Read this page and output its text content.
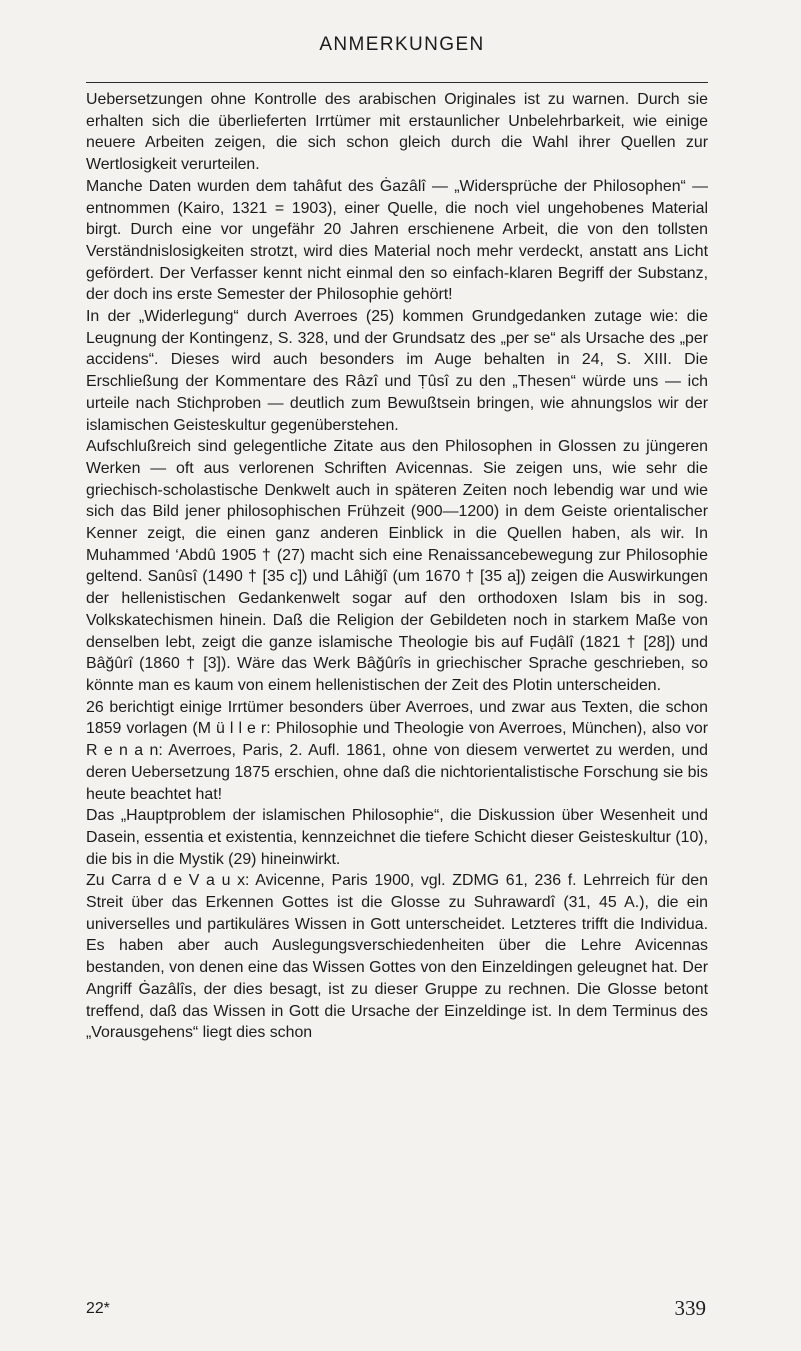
ANMERKUNGEN

Uebersetzungen ohne Kontrolle des arabischen Originales ist zu warnen. Durch sie erhalten sich die überlieferten Irrtümer mit erstaunlicher Unbelehrbarkeit, wie einige neuere Arbeiten zeigen, die sich schon gleich durch die Wahl ihrer Quellen zur Wertlosigkeit verurteilen.

Manche Daten wurden dem tahâfut des Ġazâlî — „Widersprüche der Philosophen“ — entnommen (Kairo, 1321 = 1903), einer Quelle, die noch viel ungehobenes Material birgt. Durch eine vor ungefähr 20 Jahren erschienene Arbeit, die von den tollsten Verständnislosigkeiten strotzt, wird dies Material noch mehr verdeckt, anstatt ans Licht gefördert. Der Verfasser kennt nicht einmal den so einfach-klaren Begriff der Substanz, der doch ins erste Semester der Philosophie gehört!

In der „Widerlegung“ durch Averroes (25) kommen Grundgedanken zutage wie: die Leugnung der Kontingenz, S. 328, und der Grundsatz des „per se“ als Ursache des „per accidens“. Dieses wird auch besonders im Auge behalten in 24, S. XIII. Die Erschließung der Kommentare des Râzî und Ṭûsî zu den „Thesen“ würde uns — ich urteile nach Stichproben — deutlich zum Bewußtsein bringen, wie ahnungslos wir der islamischen Geisteskultur gegenüberstehen.

Aufschlußreich sind gelegentliche Zitate aus den Philosophen in Glossen zu jüngeren Werken — oft aus verlorenen Schriften Avicennas. Sie zeigen uns, wie sehr die griechisch-scholastische Denkwelt auch in späteren Zeiten noch lebendig war und wie sich das Bild jener philosophischen Frühzeit (900—1200) in dem Geiste orientalischer Kenner zeigt, die einen ganz anderen Einblick in die Quellen haben, als wir. In Muhammed ‘Abdû 1905 † (27) macht sich eine Renaissancebewegung zur Philosophie geltend. Sanûsî (1490 † [35 c]) und Lâhiğî (um 1670 † [35 a]) zeigen die Auswirkungen der hellenistischen Gedankenwelt sogar auf den orthodoxen Islam bis in sog. Volkskatechismen hinein. Daß die Religion der Gebildeten noch in starkem Maße von denselben lebt, zeigt die ganze islamische Theologie bis auf Fuḍâlî (1821 † [28]) und Bâğûrî (1860 † [3]). Wäre das Werk Bâğûrîs in griechischer Sprache geschrieben, so könnte man es kaum von einem hellenistischen der Zeit des Plotin unterscheiden.

26 berichtigt einige Irrtümer besonders über Averroes, und zwar aus Texten, die schon 1859 vorlagen (M ü l l e r: Philosophie und Theologie von Averroes, München), also vor R e n a n: Averroes, Paris, 2. Aufl. 1861, ohne von diesem verwertet zu werden, und deren Uebersetzung 1875 erschien, ohne daß die nichtorientalistische Forschung sie bis heute beachtet hat!

Das „Hauptproblem der islamischen Philosophie“, die Diskussion über Wesenheit und Dasein, essentia et existentia, kennzeichnet die tiefere Schicht dieser Geisteskultur (10), die bis in die Mystik (29) hineinwirkt.

Zu Carra d e V a u x: Avicenne, Paris 1900, vgl. ZDMG 61, 236 f. Lehrreich für den Streit über das Erkennen Gottes ist die Glosse zu Suhrawardî (31, 45 A.), die ein universelles und partikuläres Wissen in Gott unterscheidet. Letzteres trifft die Individua. Es haben aber auch Auslegungsverschiedenheiten über die Lehre Avicennas bestanden, von denen eine das Wissen Gottes von den Einzeldingen geleugnet hat. Der Angriff Ġazâlîs, der dies besagt, ist zu dieser Gruppe zu rechnen. Die Glosse betont treffend, daß das Wissen in Gott die Ursache der Einzeldinge ist. In dem Terminus des „Vorausgehens“ liegt dies schon

22*	339
